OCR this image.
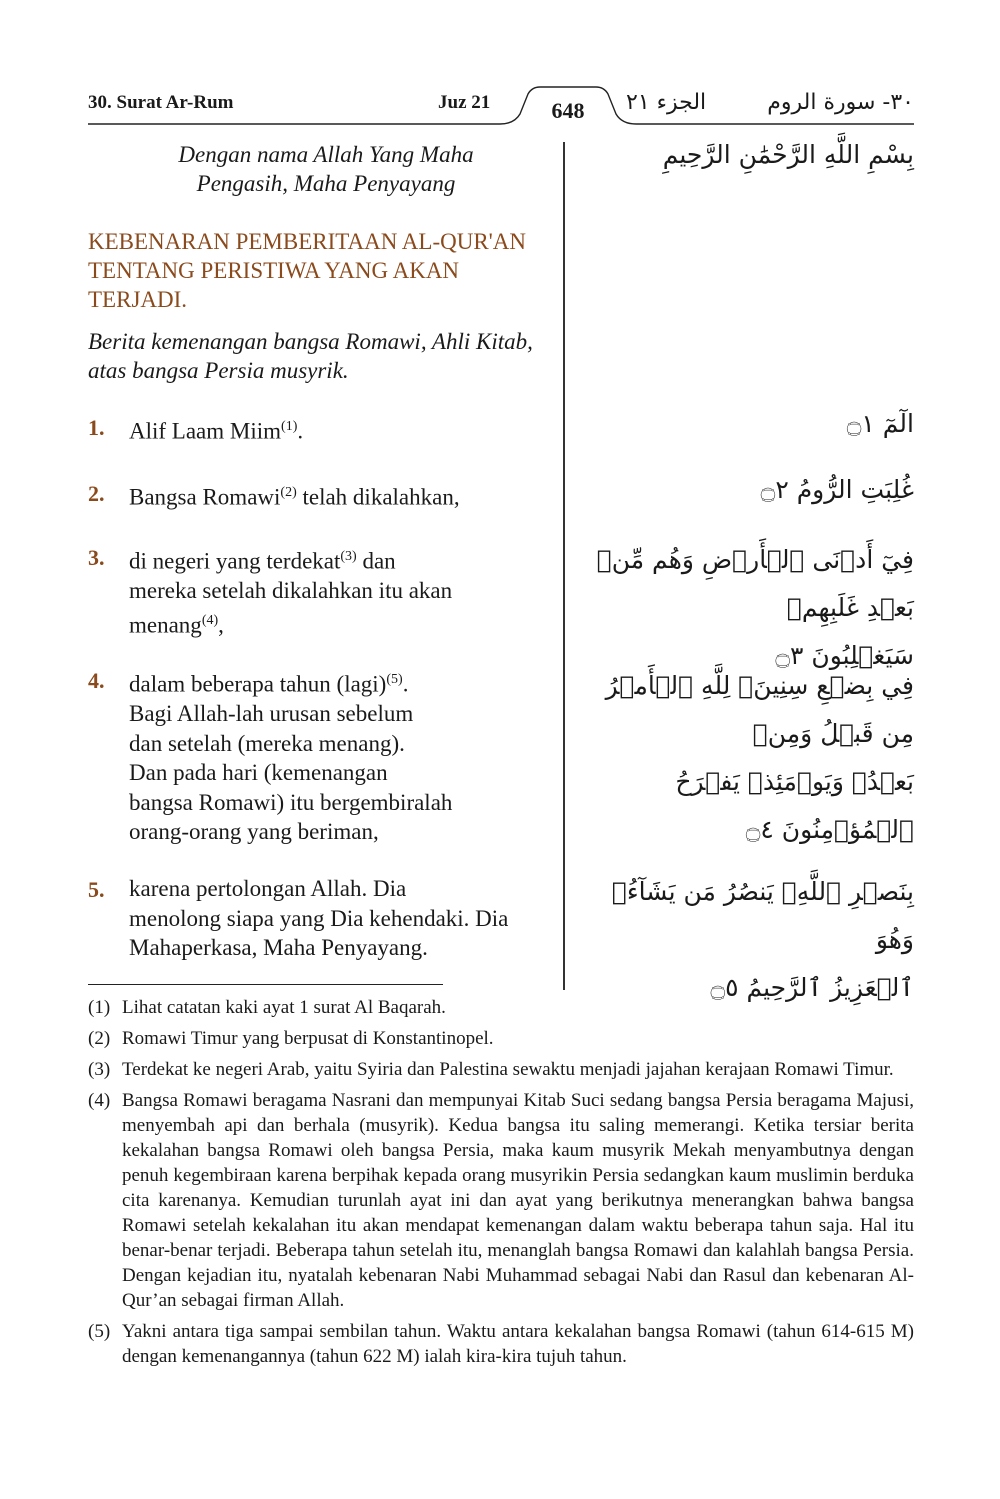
30. Surat Ar-Rum	Juz 21	648	الجزء ٢١	٣٠- سورة الروم
Dengan nama Allah Yang Maha
Pengasih, Maha Penyayang
بِسْمِ اللَّهِ الرَّحْمَٰنِ الرَّحِيمِ
KEBENARAN PEMBERITAAN AL-QUR'AN
TENTANG PERISTIWA YANG AKAN
TERJADI.
Berita kemenangan bangsa Romawi, Ahli Kitab,
atas bangsa Persia musyrik.
1.	Alif Laam Miim$^{(1)}$.	الٓمٓ ۝١
2.	Bangsa Romawi$^{(2)}$ telah dikalahkan,	غُلِبَتِ الرُّومُ ۝٢
3.	di negeri yang terdekat$^{(3)}$ dan
mereka setelah dikalahkan itu akan
menang$^{(4)}$,
فِيٓ أَدۡنَى ٱلۡأَرۡضِ وَهُم مِّنۢ بَعۡدِ غَلَبِهِمۡ
سَيَغۡلِبُونَ ۝٣
4.	dalam beberapa tahun (lagi)$^{(5)}$.
Bagi Allah-lah urusan sebelum
dan setelah (mereka menang).
Dan pada hari (kemenangan
bangsa Romawi) itu bergembiralah
orang-orang yang beriman,
فِي بِضۡعِ سِنِينَۗ لِلَّهِ ٱلۡأَمۡرُ مِن قَبۡلُ وَمِنۢ
بَعۡدُۚ وَيَوۡمَئِذٖ يَفۡرَحُ ٱلۡمُؤۡمِنُونَ ۝٤
5.	karena pertolongan Allah. Dia
menolong siapa yang Dia kehendaki. Dia
Mahaperkasa, Maha Penyayang.
بِنَصۡرِ ٱللَّهِۚ يَنصُرُ مَن يَشَآءُۖ وَهُوَ
ٱلۡعَزِيزُ ٱلرَّحِيمُ ۝٥
(1) Lihat catatan kaki ayat 1 surat Al Baqarah.
(2) Romawi Timur yang berpusat di Konstantinopel.
(3) Terdekat ke negeri Arab, yaitu Syiria dan Palestina sewaktu menjadi jajahan kerajaan Romawi Timur.
(4) Bangsa Romawi beragama Nasrani dan mempunyai Kitab Suci sedang bangsa Persia beragama Majusi, menyembah api dan berhala (musyrik). Kedua bangsa itu saling memerangi. Ketika tersiar berita kekalahan bangsa Romawi oleh bangsa Persia, maka kaum musyrik Mekah menyambutnya dengan penuh kegembiraan karena berpihak kepada orang musyrikin Persia sedangkan kaum muslimin berduka cita karenanya. Kemudian turunlah ayat ini dan ayat yang berikutnya menerangkan bahwa bangsa Romawi setelah kekalahan itu akan mendapat kemenangan dalam waktu beberapa tahun saja. Hal itu benar-benar terjadi. Beberapa tahun setelah itu, menanglah bangsa Romawi dan kalahlah bangsa Persia. Dengan kejadian itu, nyatalah kebenaran Nabi Muhammad sebagai Nabi dan Rasul dan kebenaran Al-Qur’an sebagai firman Allah.
(5) Yakni antara tiga sampai sembilan tahun. Waktu antara kekalahan bangsa Romawi (tahun 614-615 M) dengan kemenangannya (tahun 622 M) ialah kira-kira tujuh tahun.
